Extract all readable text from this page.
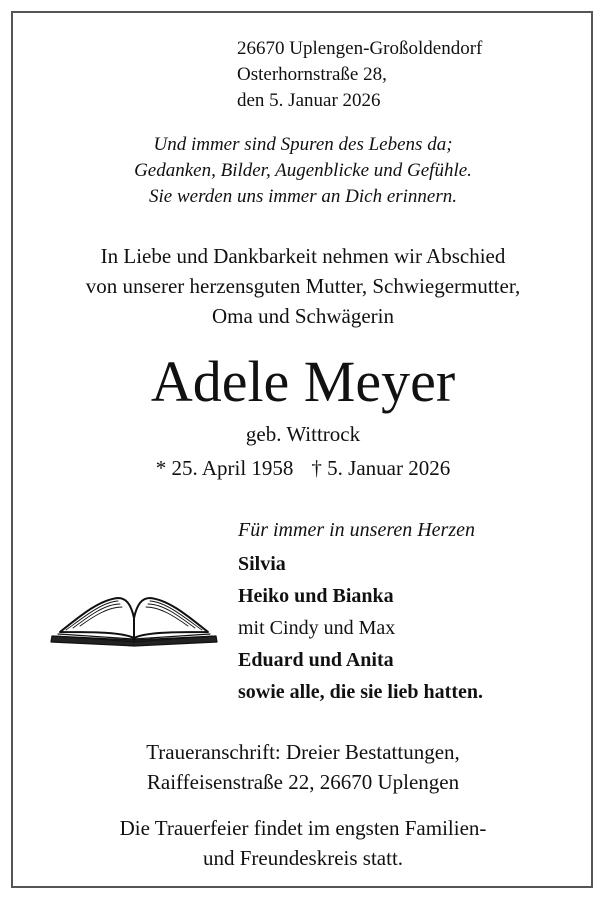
26670 Uplengen-Großoldendorf
Osterhornstraße 28,
den 5. Januar 2026
Und immer sind Spuren des Lebens da;
Gedanken, Bilder, Augenblicke und Gefühle.
Sie werden uns immer an Dich erinnern.
In Liebe und Dankbarkeit nehmen wir Abschied
von unserer herzensguten Mutter, Schwiegermutter,
Oma und Schwägerin
Adele Meyer
geb. Wittrock
* 25. April 1958 † 5. Januar 2026
Für immer in unseren Herzen
Silvia
Heiko und Bianka
mit Cindy und Max
Eduard und Anita
sowie alle, die sie lieb hatten.
Traueranschrift: Dreier Bestattungen,
Raiffeisenstraße 22, 26670 Uplengen
Die Trauerfeier findet im engsten Familien-
und Freundeskreis statt.
